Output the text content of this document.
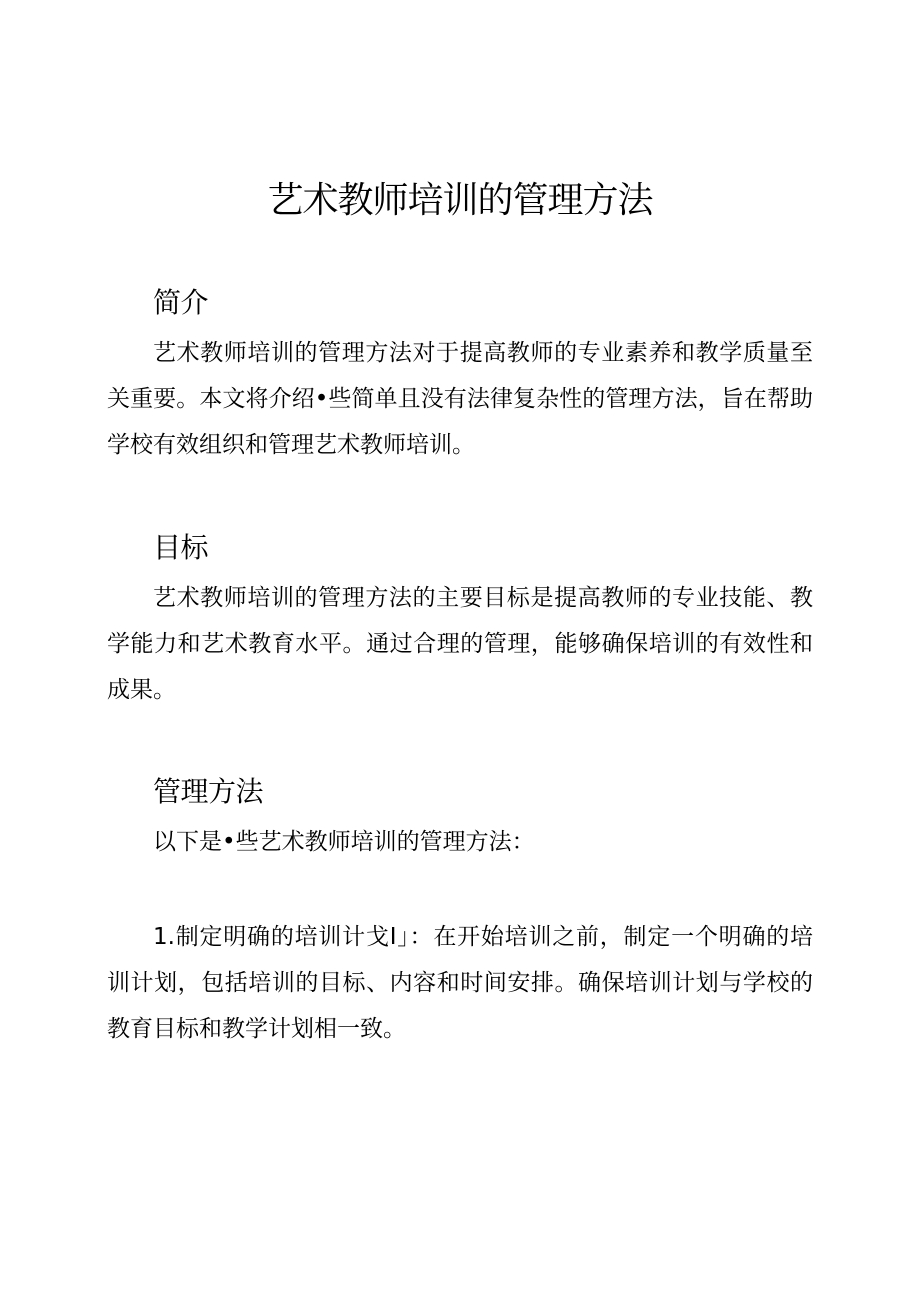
艺术教师培训的管理方法
简介

艺术教师培训的管理方法对于提高教师的专业素养和教学质量至关重要。本文将介绍•些简单且没有法律复杂性的管理方法，旨在帮助学校有效组织和管理艺术教师培训。

目标

艺术教师培训的管理方法的主要目标是提高教师的专业技能、教学能力和艺术教育水平。通过合理的管理，能够确保培训的有效性和成果。

管理方法

以下是•些艺术教师培训的管理方法：

1.制定明确的培训计戈I」：在开始培训之前，制定一个明确的培训计划，包括培训的目标、内容和时间安排。确保培训计划与学校的教育目标和教学计划相一致。
